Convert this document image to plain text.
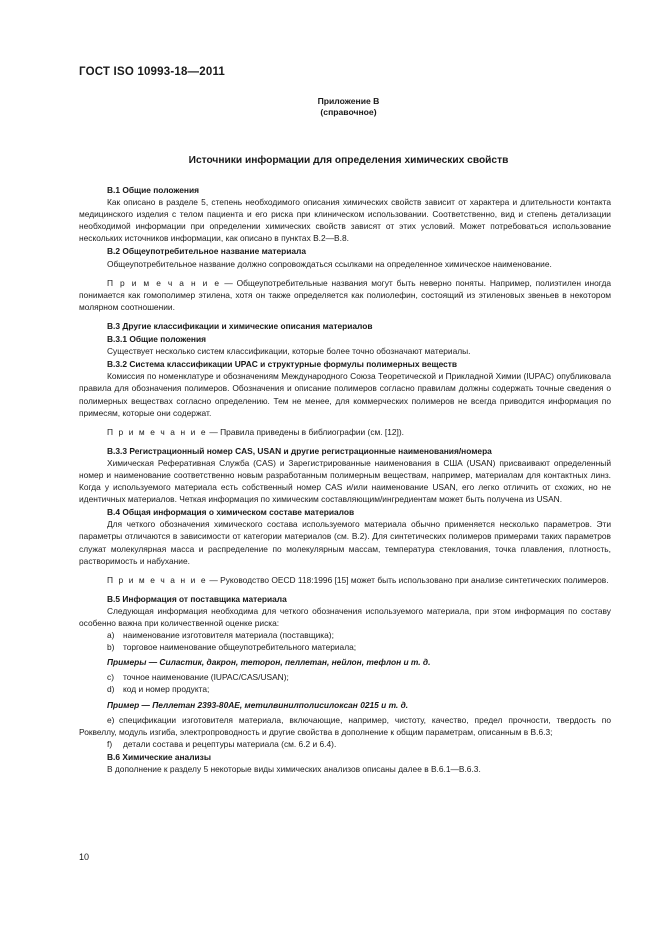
ГОСТ ISO 10993-18—2011
Приложение В
(справочное)
Источники информации для определения химических свойств

В.1 Общие положения

Как описано в разделе 5, степень необходимого описания химических свойств зависит от характера и длительности контакта медицинского изделия с телом пациента и его риска при клиническом использовании. Соответственно, вид и степень детализации необходимой информации при определении химических свойств зависят от этих условий. Может потребоваться использование нескольких источников информации, как описано в пунктах В.2—В.8.

В.2 Общеупотребительное название материала

Общеупотребительное название должно сопровождаться ссылками на определенное химическое наименование.

П р и м е ч а н и е — Общеупотребительные названия могут быть неверно поняты. Например, полиэтилен иногда понимается как гомополимер этилена, хотя он также определяется как полиолефин, состоящий из этиленовых звеньев в некотором молярном соотношении.

В.3 Другие классификации и химические описания материалов

В.3.1 Общие положения

Существует несколько систем классификации, которые более точно обозначают материалы.

В.3.2 Система классификации UPAC и структурные формулы полимерных веществ

Комиссия по номенклатуре и обозначениям Международного Союза Теоретической и Прикладной Химии (IUPAC) опубликовала правила для обозначения полимеров. Обозначения и описание полимеров согласно правилам должны содержать точные сведения о полимерных веществах согласно определению. Тем не менее, для коммерческих полимеров не всегда приводится информация по примесям, которые они содержат.

П р и м е ч а н и е — Правила приведены в библиографии (см. [12]).

В.3.3 Регистрационный номер CAS, USAN и другие регистрационные наименования/номера

Химическая Реферативная Служба (CAS) и Зарегистрированные наименования в США (USAN) присваивают определенный номер и наименование соответственно новым разработанным полимерным веществам, например, материалам для контактных линз. Когда у используемого материала есть собственный номер CAS и/или наименование USAN, его легко отличить от схожих, но не идентичных материалов. Четкая информация по химическим составляющим/ингредиентам может быть получена из USAN.

В.4 Общая информация о химическом составе материалов

Для четкого обозначения химического состава используемого материала обычно применяется несколько параметров. Эти параметры отличаются в зависимости от категории материалов (см. В.2). Для синтетических полимеров примерами таких параметров служат молекулярная масса и распределение по молекулярным массам, температура стеклования, точка плавления, плотность, растворимость и набухание.

П р и м е ч а н и е — Руководство OECD 118:1996 [15] может быть использовано при анализе синтетических полимеров.

В.5 Информация от поставщика материала

Следующая информация необходима для четкого обозначения используемого материала, при этом информация по составу особенно важна при количественной оценке риска:

a) наименование изготовителя материала (поставщика);

b) торговое наименование общеупотребительного материала;

Примеры — Силастик, дакрон, теторон, пеллетан, нейлон, тефлон и т. д.

c) точное наименование (IUPAC/CAS/USAN);

d) код и номер продукта;

Пример — Пеллетан 2393-80АЕ, метилвинилполисилоксан 0215 и т. д.

e) спецификации изготовителя материала, включающие, например, чистоту, качество, предел прочности, твердость по Роквеллу, модуль изгиба, электропроводность и другие свойства в дополнение к общим параметрам, описанным в В.6.3;

f) детали состава и рецептуры материала (см. 6.2 и 6.4).

В.6 Химические анализы

В дополнение к разделу 5 некоторые виды химических анализов описаны далее в В.6.1—В.6.3.

10
